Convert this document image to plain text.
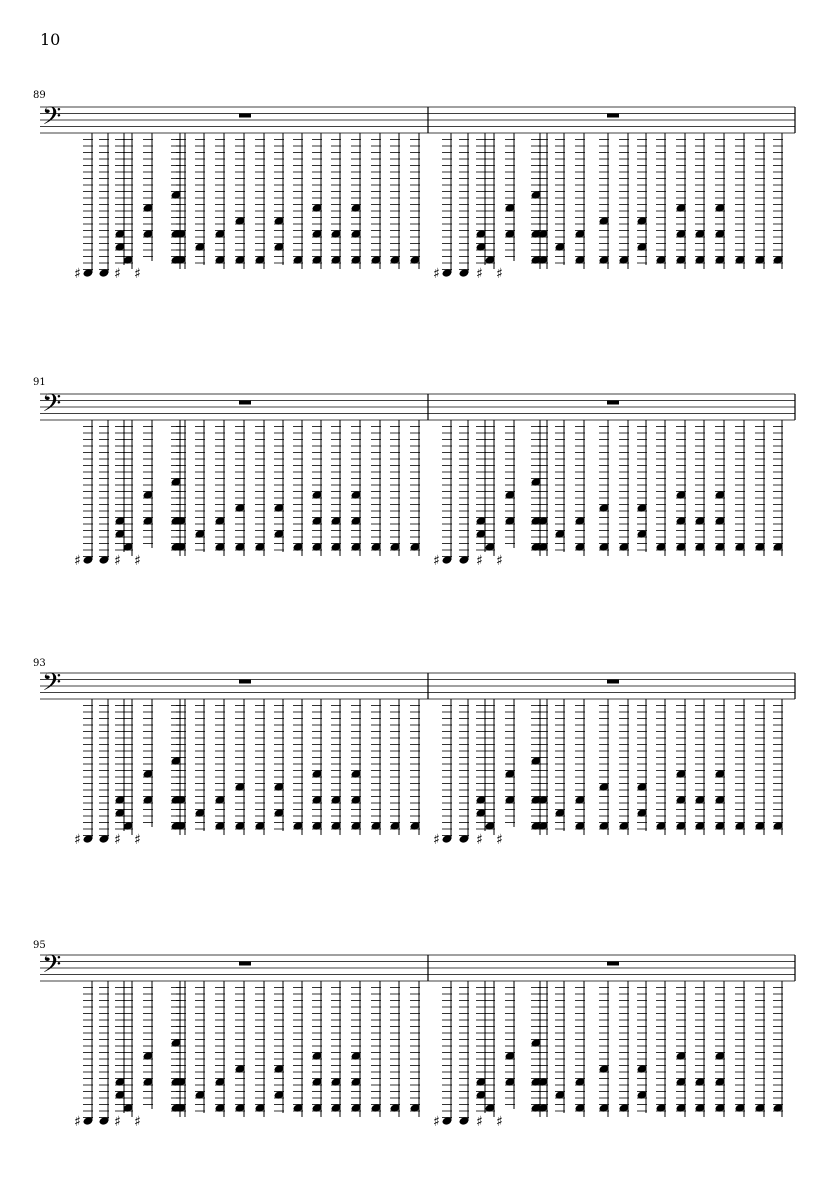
10
89
91
93
95
𝄢
♯ ♯ ♯	♯	♯ ♯
𝄢
♯ ♯ ♯	♯	♯ ♯
𝄢
♯ ♯ ♯	♯	♯ ♯
𝄢
♯ ♯ ♯	♯	♯ ♯
